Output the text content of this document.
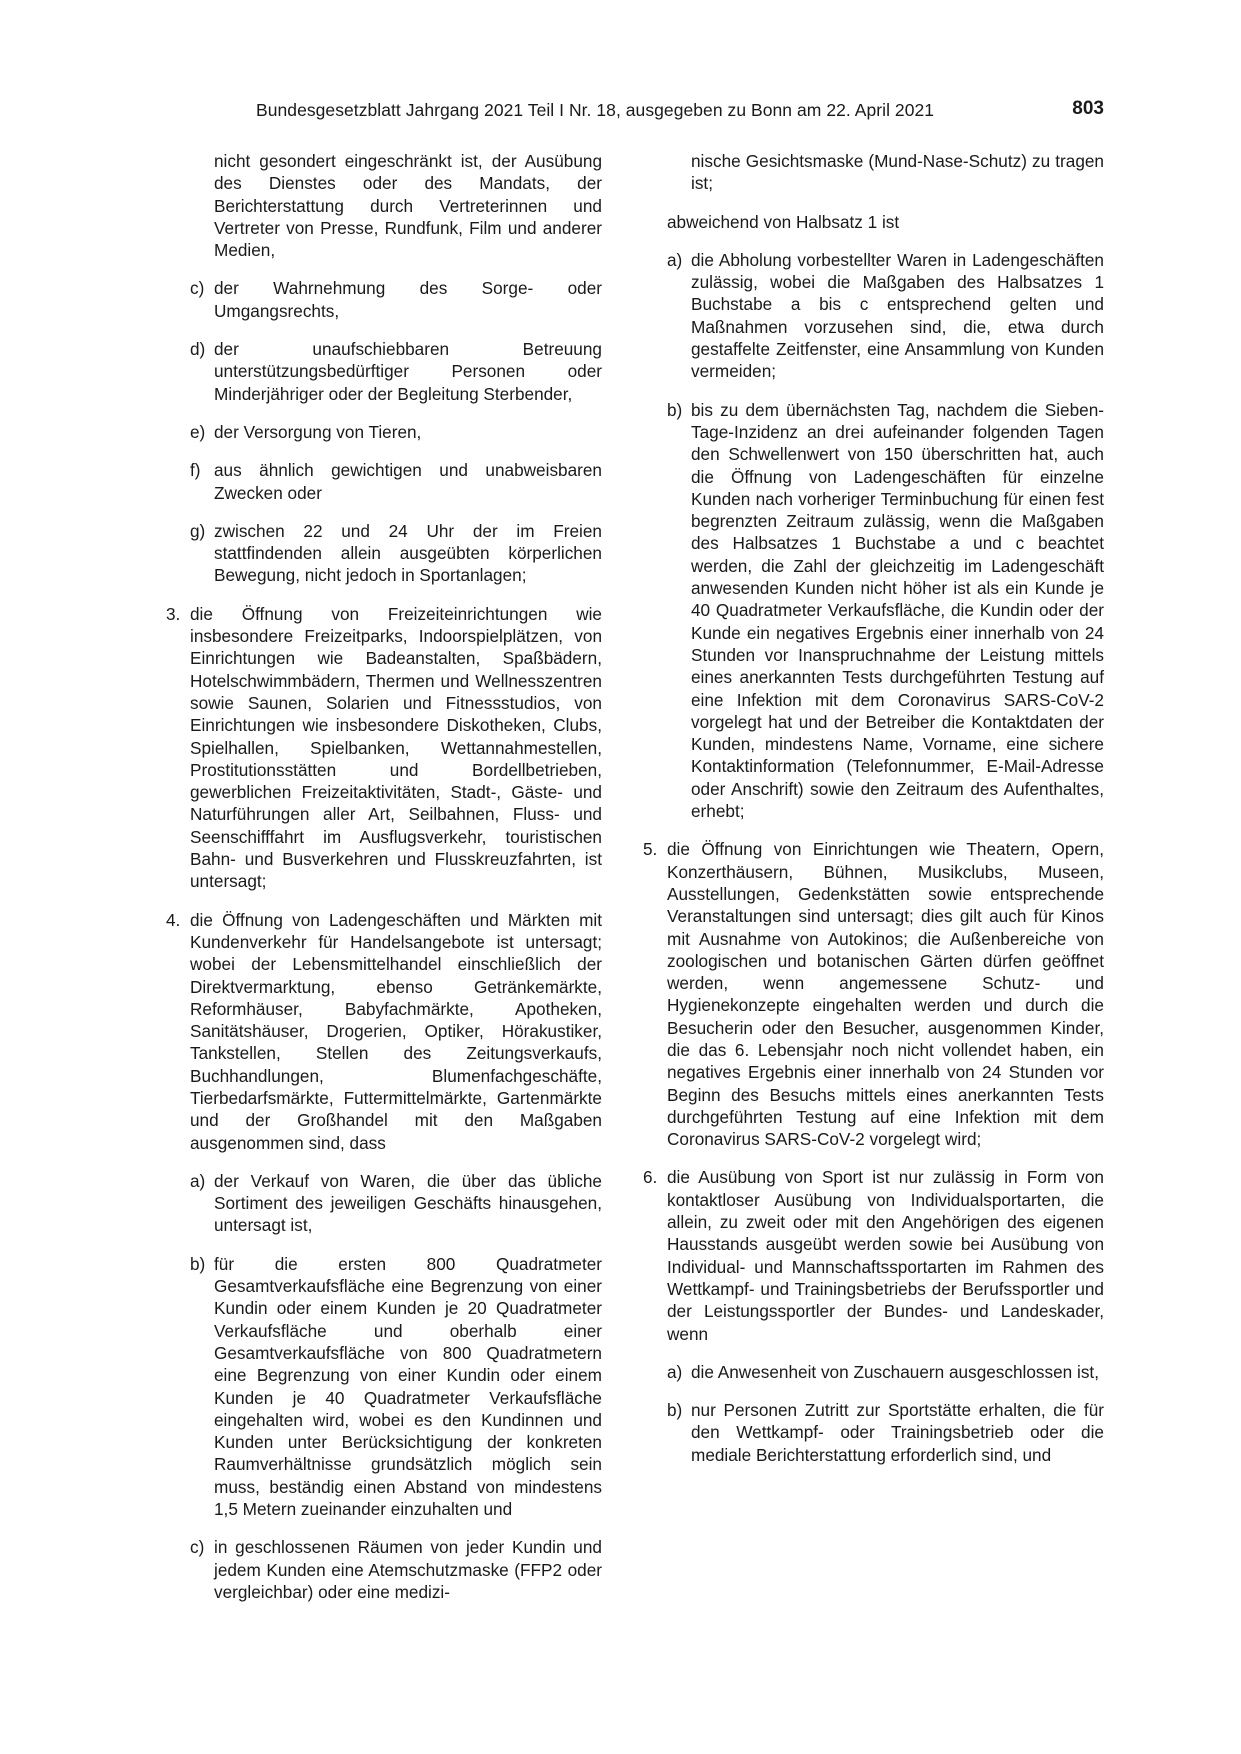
Bundesgesetzblatt Jahrgang 2021 Teil I Nr. 18, ausgegeben zu Bonn am 22. April 2021	803

nicht gesondert eingeschränkt ist, der Ausübung des Dienstes oder des Mandats, der Berichterstattung durch Vertreterinnen und Vertreter von Presse, Rundfunk, Film und anderer Medien,

c) der Wahrnehmung des Sorge- oder Umgangsrechts,
d) der unaufschiebbaren Betreuung unterstützungsbedürftiger Personen oder Minderjähriger oder der Begleitung Sterbender,
e) der Versorgung von Tieren,
f) aus ähnlich gewichtigen und unabweisbaren Zwecken oder
g) zwischen 22 und 24 Uhr der im Freien stattfindenden allein ausgeübten körperlichen Bewegung, nicht jedoch in Sportanlagen;
3. die Öffnung von Freizeiteinrichtungen wie insbesondere Freizeitparks, Indoorspielplätzen, von Einrichtungen wie Badeanstalten, Spaßbädern, Hotelschwimmbädern, Thermen und Wellnesszentren sowie Saunen, Solarien und Fitnessstudios, von Einrichtungen wie insbesondere Diskotheken, Clubs, Spielhallen, Spielbanken, Wettannahmestellen, Prostitutionsstätten und Bordellbetrieben, gewerblichen Freizeitaktivitäten, Stadt-, Gäste- und Naturführungen aller Art, Seilbahnen, Fluss- und Seenschifffahrt im Ausflugsverkehr, touristischen Bahn- und Busverkehren und Flusskreuzfahrten, ist untersagt;
4. die Öffnung von Ladengeschäften und Märkten mit Kundenverkehr für Handelsangebote ist untersagt; wobei der Lebensmittelhandel einschließlich der Direktvermarktung, ebenso Getränkemärkte, Reformhäuser, Babyfachmärkte, Apotheken, Sanitätshäuser, Drogerien, Optiker, Hörakustiker, Tankstellen, Stellen des Zeitungsverkaufs, Buchhandlungen, Blumenfachgeschäfte, Tierbedarfsmärkte, Futtermittelmärkte, Gartenmärkte und der Großhandel mit den Maßgaben ausgenommen sind, dass
a) der Verkauf von Waren, die über das übliche Sortiment des jeweiligen Geschäfts hinausgehen, untersagt ist,
b) für die ersten 800 Quadratmeter Gesamtverkaufsfläche eine Begrenzung von einer Kundin oder einem Kunden je 20 Quadratmeter Verkaufsfläche und oberhalb einer Gesamtverkaufsfläche von 800 Quadratmetern eine Begrenzung von einer Kundin oder einem Kunden je 40 Quadratmeter Verkaufsfläche eingehalten wird, wobei es den Kundinnen und Kunden unter Berücksichtigung der konkreten Raumverhältnisse grundsätzlich möglich sein muss, beständig einen Abstand von mindestens 1,5 Metern zueinander einzuhalten und
c) in geschlossenen Räumen von jeder Kundin und jedem Kunden eine Atemschutzmaske (FFP2 oder vergleichbar) oder eine medizi-

nische Gesichtsmaske (Mund-Nase-Schutz) zu tragen ist;

abweichend von Halbsatz 1 ist

a) die Abholung vorbestellter Waren in Ladengeschäften zulässig, wobei die Maßgaben des Halbsatzes 1 Buchstabe a bis c entsprechend gelten und Maßnahmen vorzusehen sind, die, etwa durch gestaffelte Zeitfenster, eine Ansammlung von Kunden vermeiden;
b) bis zu dem übernächsten Tag, nachdem die Sieben-Tage-Inzidenz an drei aufeinander folgenden Tagen den Schwellenwert von 150 überschritten hat, auch die Öffnung von Ladengeschäften für einzelne Kunden nach vorheriger Terminbuchung für einen fest begrenzten Zeitraum zulässig, wenn die Maßgaben des Halbsatzes 1 Buchstabe a und c beachtet werden, die Zahl der gleichzeitig im Ladengeschäft anwesenden Kunden nicht höher ist als ein Kunde je 40 Quadratmeter Verkaufsfläche, die Kundin oder der Kunde ein negatives Ergebnis einer innerhalb von 24 Stunden vor Inanspruchnahme der Leistung mittels eines anerkannten Tests durchgeführten Testung auf eine Infektion mit dem Coronavirus SARS-CoV-2 vorgelegt hat und der Betreiber die Kontaktdaten der Kunden, mindestens Name, Vorname, eine sichere Kontaktinformation (Telefonnummer, E-Mail-Adresse oder Anschrift) sowie den Zeitraum des Aufenthaltes, erhebt;
5. die Öffnung von Einrichtungen wie Theatern, Opern, Konzerthäusern, Bühnen, Musikclubs, Museen, Ausstellungen, Gedenkstätten sowie entsprechende Veranstaltungen sind untersagt; dies gilt auch für Kinos mit Ausnahme von Autokinos; die Außenbereiche von zoologischen und botanischen Gärten dürfen geöffnet werden, wenn angemessene Schutz- und Hygienekonzepte eingehalten werden und durch die Besucherin oder den Besucher, ausgenommen Kinder, die das 6. Lebensjahr noch nicht vollendet haben, ein negatives Ergebnis einer innerhalb von 24 Stunden vor Beginn des Besuchs mittels eines anerkannten Tests durchgeführten Testung auf eine Infektion mit dem Coronavirus SARS-CoV-2 vorgelegt wird;
6. die Ausübung von Sport ist nur zulässig in Form von kontaktloser Ausübung von Individualsportarten, die allein, zu zweit oder mit den Angehörigen des eigenen Hausstands ausgeübt werden sowie bei Ausübung von Individual- und Mannschaftssportarten im Rahmen des Wettkampf- und Trainingsbetriebs der Berufssportler und der Leistungssportler der Bundes- und Landeskader, wenn
a) die Anwesenheit von Zuschauern ausgeschlossen ist,
b) nur Personen Zutritt zur Sportstätte erhalten, die für den Wettkampf- oder Trainingsbetrieb oder die mediale Berichterstattung erforderlich sind, und
